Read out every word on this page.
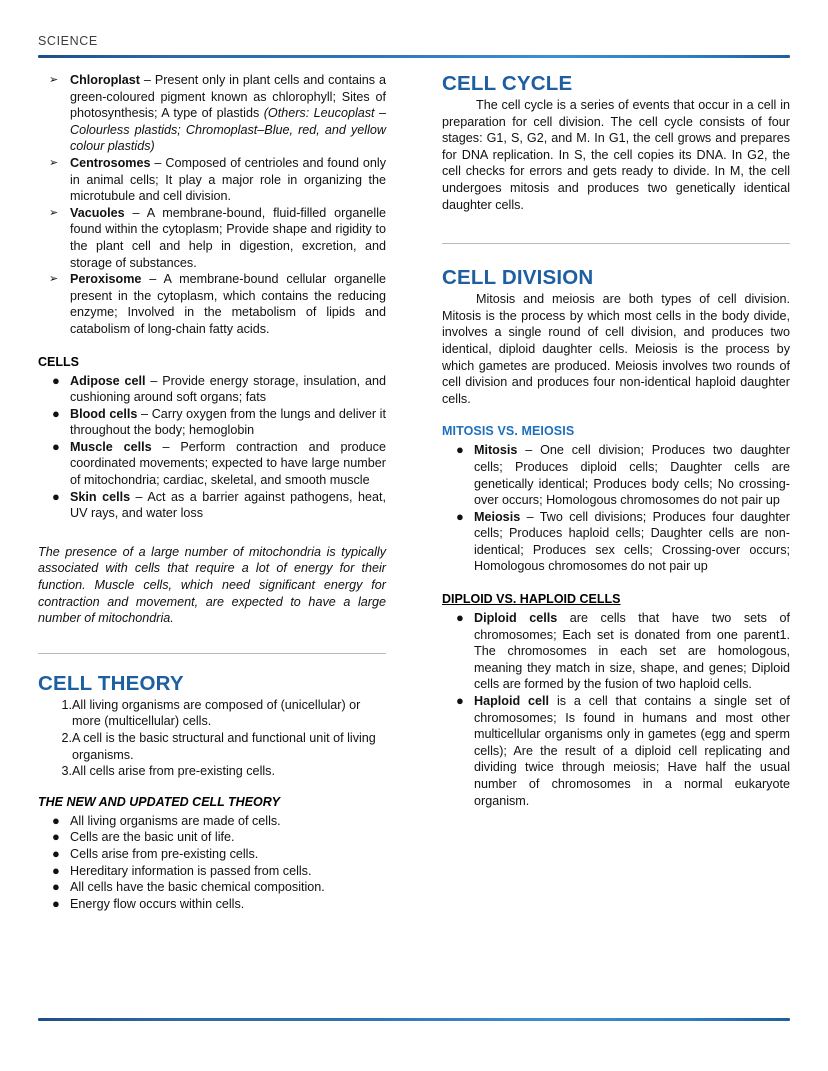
SCIENCE
➢ Chloroplast – Present only in plant cells and contains a green-coloured pigment known as chlorophyll; Sites of photosynthesis; A type of plastids (Others: Leucoplast –Colourless plastids; Chromoplast–Blue, red, and yellow colour plastids)
➢ Centrosomes – Composed of centrioles and found only in animal cells; It play a major role in organizing the microtubule and cell division.
➢ Vacuoles – A membrane-bound, fluid-filled organelle found within the cytoplasm; Provide shape and rigidity to the plant cell and help in digestion, excretion, and storage of substances.
➢ Peroxisome – A membrane-bound cellular organelle present in the cytoplasm, which contains the reducing enzyme; Involved in the metabolism of lipids and catabolism of long-chain fatty acids.
CELLS
● Adipose cell – Provide energy storage, insulation, and cushioning around soft organs; fats
● Blood cells – Carry oxygen from the lungs and deliver it throughout the body; hemoglobin
● Muscle cells – Perform contraction and produce coordinated movements; expected to have large number of mitochondria; cardiac, skeletal, and smooth muscle
● Skin cells – Act as a barrier against pathogens, heat, UV rays, and water loss

The presence of a large number of mitochondria is typically associated with cells that require a lot of energy for their function. Muscle cells, which need significant energy for contraction and movement, are expected to have a large number of mitochondria.

CELL THEORY
1. All living organisms are composed of (unicellular) or more (multicellular) cells.
2. A cell is the basic structural and functional unit of living organisms.
3. All cells arise from pre-existing cells.
THE NEW AND UPDATED CELL THEORY
● All living organisms are made of cells.
● Cells are the basic unit of life.
● Cells arise from pre-existing cells.
● Hereditary information is passed from cells.
● All cells have the basic chemical composition.
● Energy flow occurs within cells.
CELL CYCLE

The cell cycle is a series of events that occur in a cell in preparation for cell division. The cell cycle consists of four stages: G1, S, G2, and M. In G1, the cell grows and prepares for DNA replication. In S, the cell copies its DNA. In G2, the cell checks for errors and gets ready to divide. In M, the cell undergoes mitosis and produces two genetically identical daughter cells.

CELL DIVISION

Mitosis and meiosis are both types of cell division. Mitosis is the process by which most cells in the body divide, involves a single round of cell division, and produces two identical, diploid daughter cells. Meiosis is the process by which gametes are produced. Meiosis involves two rounds of cell division and produces four non-identical haploid daughter cells.

MITOSIS VS. MEIOSIS
● Mitosis – One cell division; Produces two daughter cells; Produces diploid cells; Daughter cells are genetically identical; Produces body cells; No crossing-over occurs; Homologous chromosomes do not pair up
● Meiosis – Two cell divisions; Produces four daughter cells; Produces haploid cells; Daughter cells are non-identical; Produces sex cells; Crossing-over occurs; Homologous chromosomes do not pair up
DIPLOID VS. HAPLOID CELLS
● Diploid cells are cells that have two sets of chromosomes; Each set is donated from one parent1. The chromosomes in each set are homologous, meaning they match in size, shape, and genes; Diploid cells are formed by the fusion of two haploid cells.
● Haploid cell is a cell that contains a single set of chromosomes; Is found in humans and most other multicellular organisms only in gametes (egg and sperm cells); Are the result of a diploid cell replicating and dividing twice through meiosis; Have half the usual number of chromosomes in a normal eukaryote organism.
